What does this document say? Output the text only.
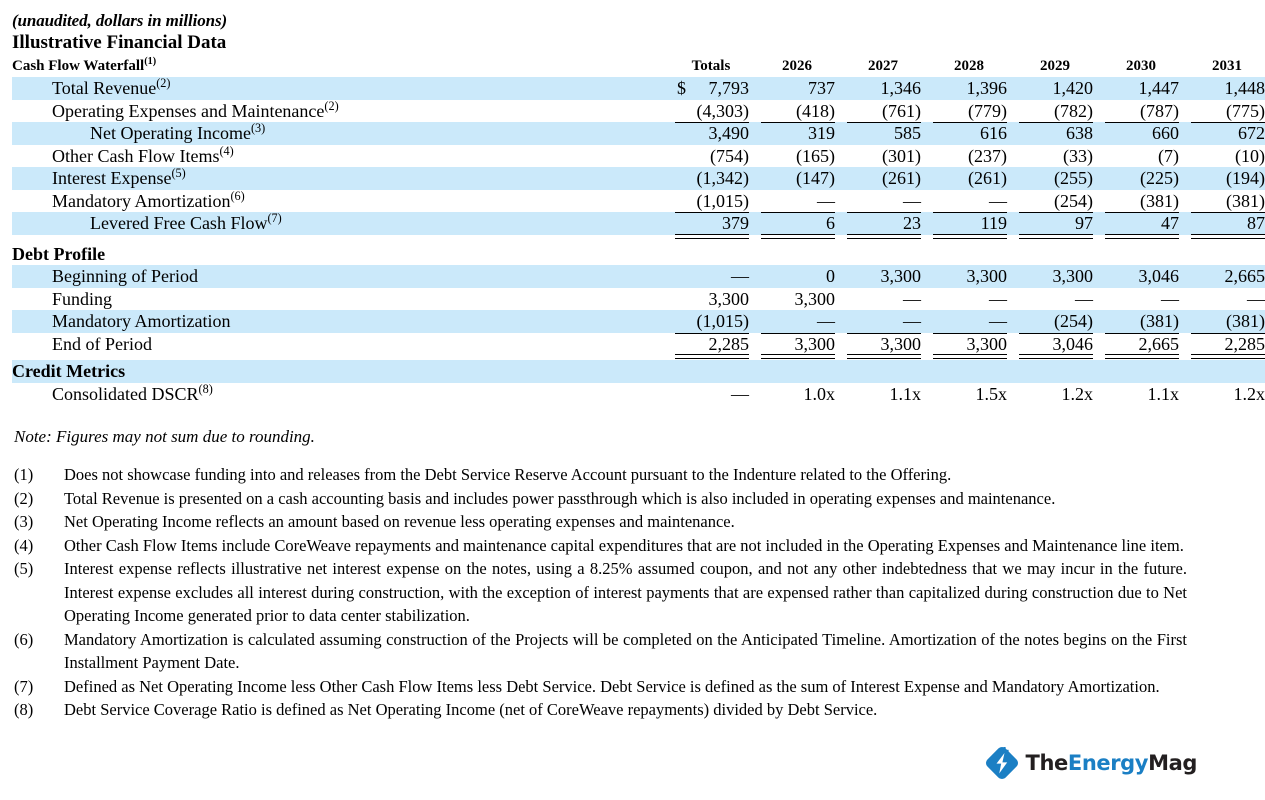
(unaudited, dollars in millions)
Illustrative Financial Data
Cash Flow Waterfall$^{(1)}$	Totals		2026		2027		2028		2029		2030		2031
Total Revenue$^{(2)}$	$ 7,793		737		1,346		1,396		1,420		1,447		1,448

Operating Expenses and Maintenance$^{(2)}$	(4,303)		(418)		(761)		(779)		(782)		(787)		(775)

Net Operating Income$^{(3)}$	3,490		319		585		616		638		660		672

Other Cash Flow Items$^{(4)}$	(754)		(165)		(301)		(237)		(33)		(7)		(10)

Interest Expense$^{(5)}$	(1,342)		(147)		(261)		(261)		(255)		(225)		(194)

Mandatory Amortization$^{(6)}$	(1,015)		—		—		—		(254)		(381)		(381)

Levered Free Cash Flow$^{(7)}$	379		6		23		119		97		47		87

Debt Profile													
Beginning of Period	—		0		3,300		3,300		3,300		3,046		2,665

Funding	3,300		3,300		—		—		—		—		—

Mandatory Amortization	(1,015)		—		—		—		(254)		(381)		(381)

End of Period	2,285		3,300		3,300		3,300		3,046		2,665		2,285

Credit Metrics													
Consolidated DSCR$^{(8)}$	—		1.0x		1.1x		1.5x		1.2x		1.1x		1.2x
Note: Figures may not sum due to rounding.
(1)	Does not showcase funding into and releases from the Debt Service Reserve Account pursuant to the Indenture related to the Offering.
(2)	Total Revenue is presented on a cash accounting basis and includes power passthrough which is also included in operating expenses and maintenance.
(3)	Net Operating Income reflects an amount based on revenue less operating expenses and maintenance.
(4)	Other Cash Flow Items include CoreWeave repayments and maintenance capital expenditures that are not included in the Operating Expenses and Maintenance line item.
(5)	Interest expense reflects illustrative net interest expense on the notes, using a 8.25% assumed coupon, and not any other indebtedness that we may incur in the future. Interest expense excludes all interest during construction, with the exception of interest payments that are expensed rather than capitalized during construction due to Net Operating Income generated prior to data center stabilization.
(6)	Mandatory Amortization is calculated assuming construction of the Projects will be completed on the Anticipated Timeline. Amortization of the notes begins on the First Installment Payment Date.
(7)	Defined as Net Operating Income less Other Cash Flow Items less Debt Service. Debt Service is defined as the sum of Interest Expense and Mandatory Amortization.
(8)	Debt Service Coverage Ratio is defined as Net Operating Income (net of CoreWeave repayments) divided by Debt Service.
TheEnergyMag
